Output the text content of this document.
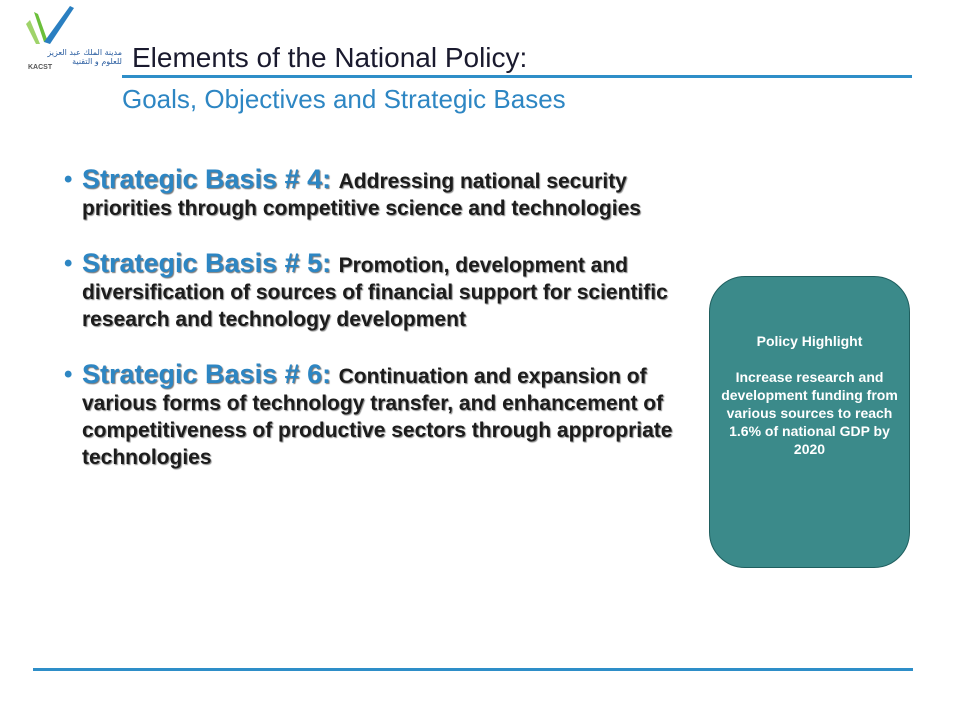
مدينة الملك عبد العزيز
للعلوم و التقنية
KACST	Elements of the National Policy:
Goals, Objectives and Strategic Bases
• Strategic Basis # 4: Addressing national security priorities through competitive science and technologies
• Strategic Basis # 5: Promotion, development and diversification of sources of financial support for scientific research and technology development
• Strategic Basis # 6: Continuation and expansion of various forms of technology transfer, and enhancement of competitiveness of productive sectors through appropriate technologies
Policy Highlight
Increase research and development funding from various sources to reach 1.6% of national GDP by 2020
